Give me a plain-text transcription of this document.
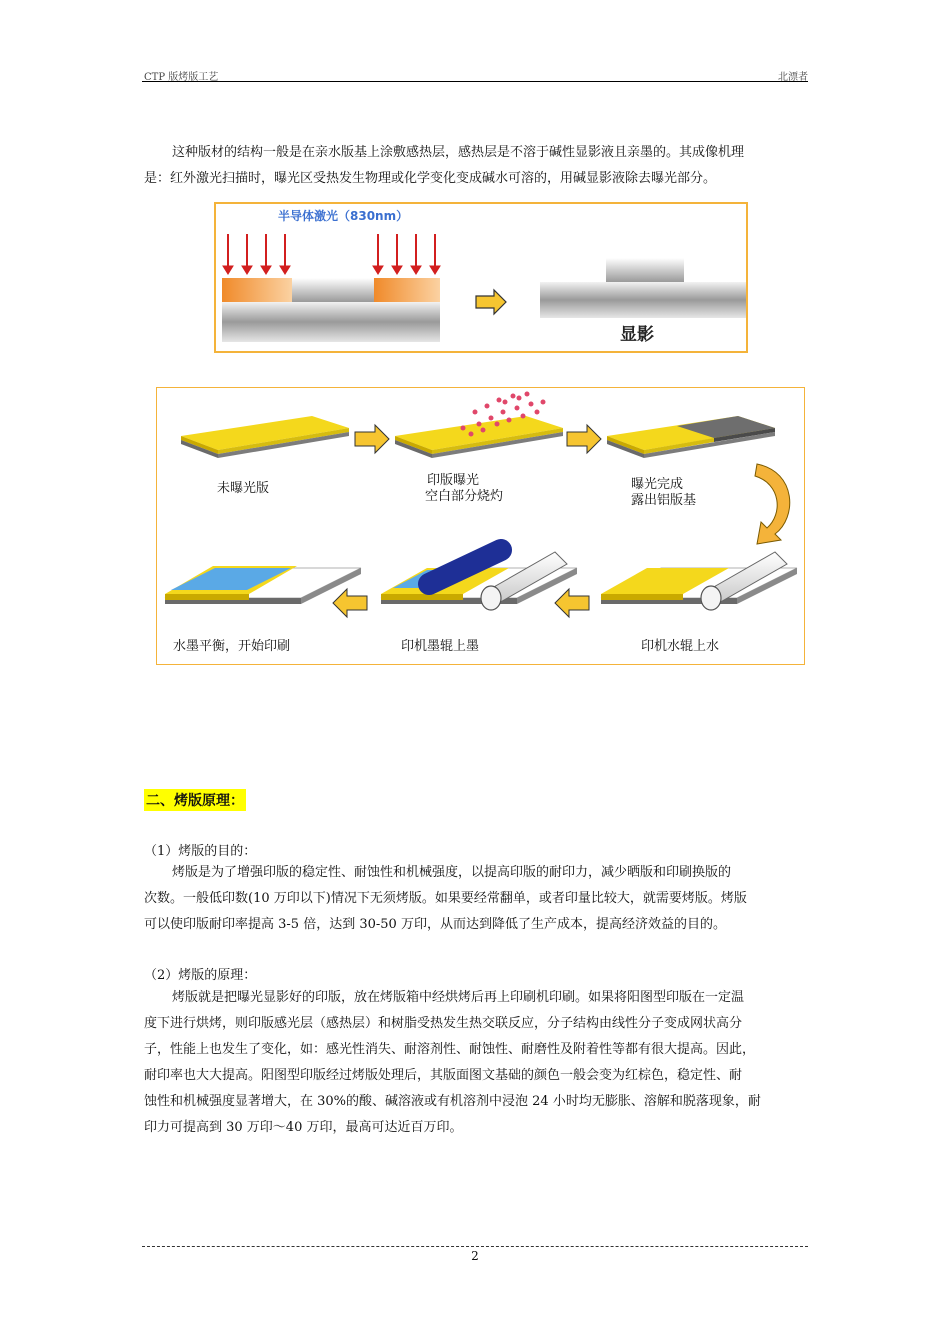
CTP 版烤版工艺	北漂者
这种版材的结构一般是在亲水版基上涂敷感热层，感热层是不溶于碱性显影液且亲墨的。其成像机理
是：红外激光扫描时，曝光区受热发生物理或化学变化变成碱水可溶的，用碱显影液除去曝光部分。
半导体激光（830nm）
显影
未曝光版
印版曝光
空白部分烧灼
曝光完成
露出铝版基
印机水辊上水
印机墨辊上墨
水墨平衡，开始印刷
二、烤版原理：
（1）烤版的目的：
烤版是为了增强印版的稳定性、耐蚀性和机械强度，以提高印版的耐印力，减少晒版和印刷换版的
次数。一般低印数(10 万印以下)情况下无须烤版。如果要经常翻单，或者印量比较大，就需要烤版。烤版
可以使印版耐印率提高 3-5 倍，达到 30-50 万印，从而达到降低了生产成本，提高经济效益的目的。
（2）烤版的原理：
烤版就是把曝光显影好的印版，放在烤版箱中经烘烤后再上印刷机印刷。如果将阳图型印版在一定温
度下进行烘烤，则印版感光层（感热层）和树脂受热发生热交联反应，分子结构由线性分子变成网状高分
子，性能上也发生了变化，如：感光性消失、耐溶剂性、耐蚀性、耐磨性及附着性等都有很大提高。因此，
耐印率也大大提高。阳图型印版经过烤版处理后，其版面图文基础的颜色一般会变为红棕色，稳定性、耐
蚀性和机械强度显著增大，在 30%的酸、碱溶液或有机溶剂中浸泡 24 小时均无膨胀、溶解和脱落现象，耐
印力可提高到 30 万印～40 万印，最高可达近百万印。
2
